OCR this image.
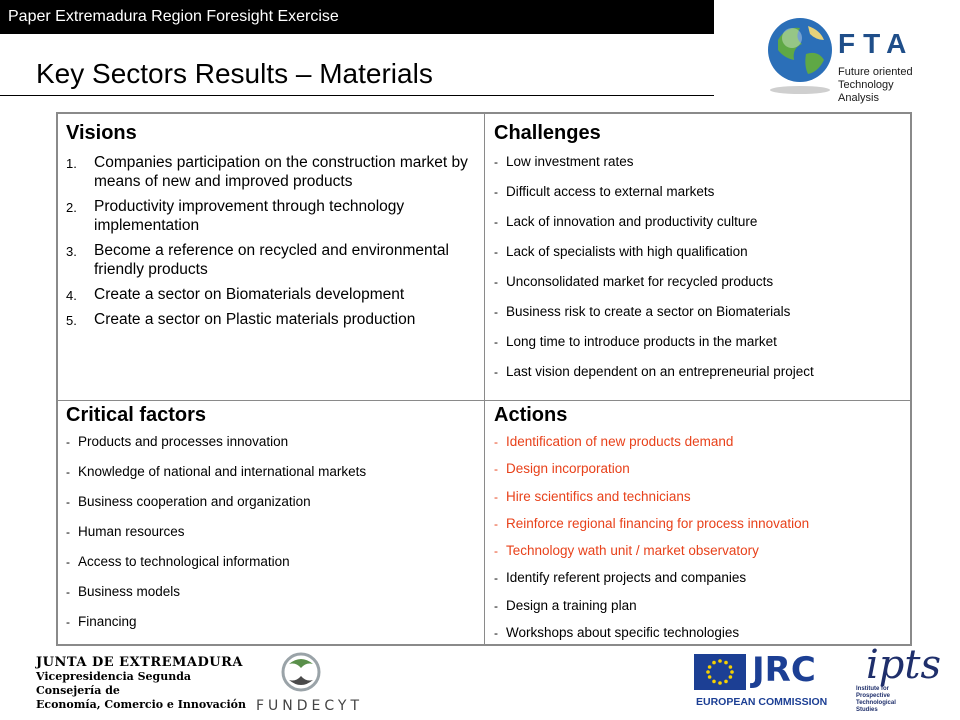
Paper Extremadura Region Foresight Exercise
Key Sectors Results – Materials
FTA
Future oriented
Technology
Analysis
Visions
1. Companies participation on the construction market by means of new and improved products
2. Productivity improvement through technology implementation
3. Become a reference on recycled and environmental friendly products
4. Create a sector on Biomaterials development
5. Create a sector on Plastic materials production
Challenges
- Low investment rates
- Difficult access to external markets
- Lack of innovation and productivity culture
- Lack of specialists with high qualification
- Unconsolidated market for recycled products
- Business risk to create a sector on Biomaterials
- Long time to introduce products in the market
- Last vision dependent on an entrepreneurial project
Critical factors
- Products and processes innovation
- Knowledge of national and international markets
- Business cooperation and organization
- Human resources
- Access to technological information
- Business models
- Financing
Actions
- Identification of new products demand
- Design incorporation
- Hire scientifics and technicians
- Reinforce regional financing for process innovation
- Technology wath unit / market observatory
- Identify referent projects and companies
- Design a training plan
- Workshops about specific technologies
JUNTA DE EXTREMADURA
Vicepresidencia Segunda
Consejería de
Economía, Comercio e Innovación FUNDECYT
JRC
EUROPEAN COMMISSION
ipts
Institute for
Prospective
Technological Studies
